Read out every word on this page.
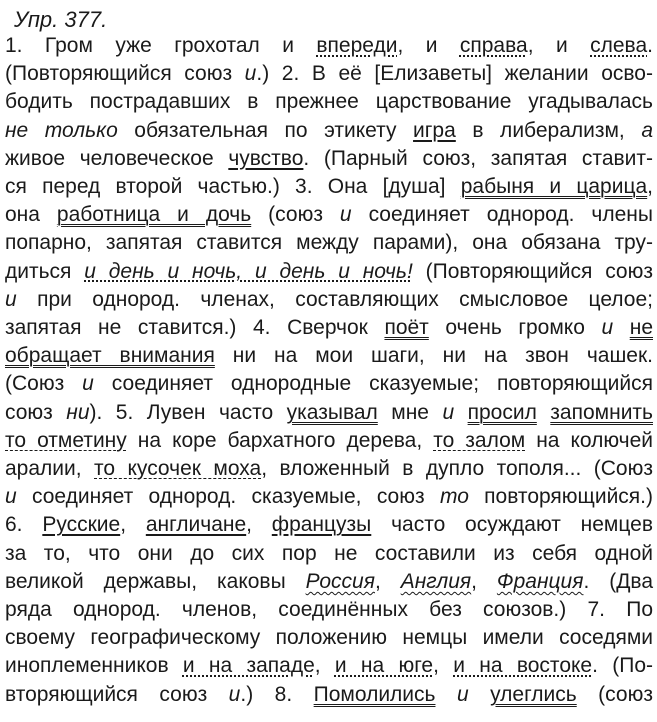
Упр. 377.
1. Гром уже грохотал и впереди, и справа, и слева.
(Повторяющийся союз и.) 2. В её [Елизаветы] желании осво-
бодить пострадавших в прежнее царствование угадывалась
не только обязательная по этикету игра в либерализм, а
живое человеческое чувство. (Парный союз, запятая ставит-
ся перед второй частью.) 3. Она [душа] рабыня и царица,
она работница и дочь (союз и соединяет однород. члены
попарно, запятая ставится между парами), она обязана тру-
диться и день и ночь, и день и ночь! (Повторяющийся союз
и при однород. членах, составляющих смысловое целое;
запятая не ставится.) 4. Сверчок поёт очень громко и не
обращает внимания ни на мои шаги, ни на звон чашек.
(Союз и соединяет однородные сказуемые; повторяющийся
союз ни). 5. Лувен часто указывал мне и просил запомнить
то отметину на коре бархатного дерева, то залом на колючей
аралии, то кусочек моха, вложенный в дупло тополя... (Союз
и соединяет однород. сказуемые, союз то повторяющийся.)
6. Русские, англичане, французы часто осуждают немцев
за то, что они до сих пор не составили из себя одной
великой державы, каковы Россия, Англия, Франция. (Два
ряда однород. членов, соединённых без союзов.) 7. По
своему географическому положению немцы имели соседями
иноплеменников и на западе, и на юге, и на востоке. (По-
вторяющийся союз и.) 8. Помолились и улеглись (союз
